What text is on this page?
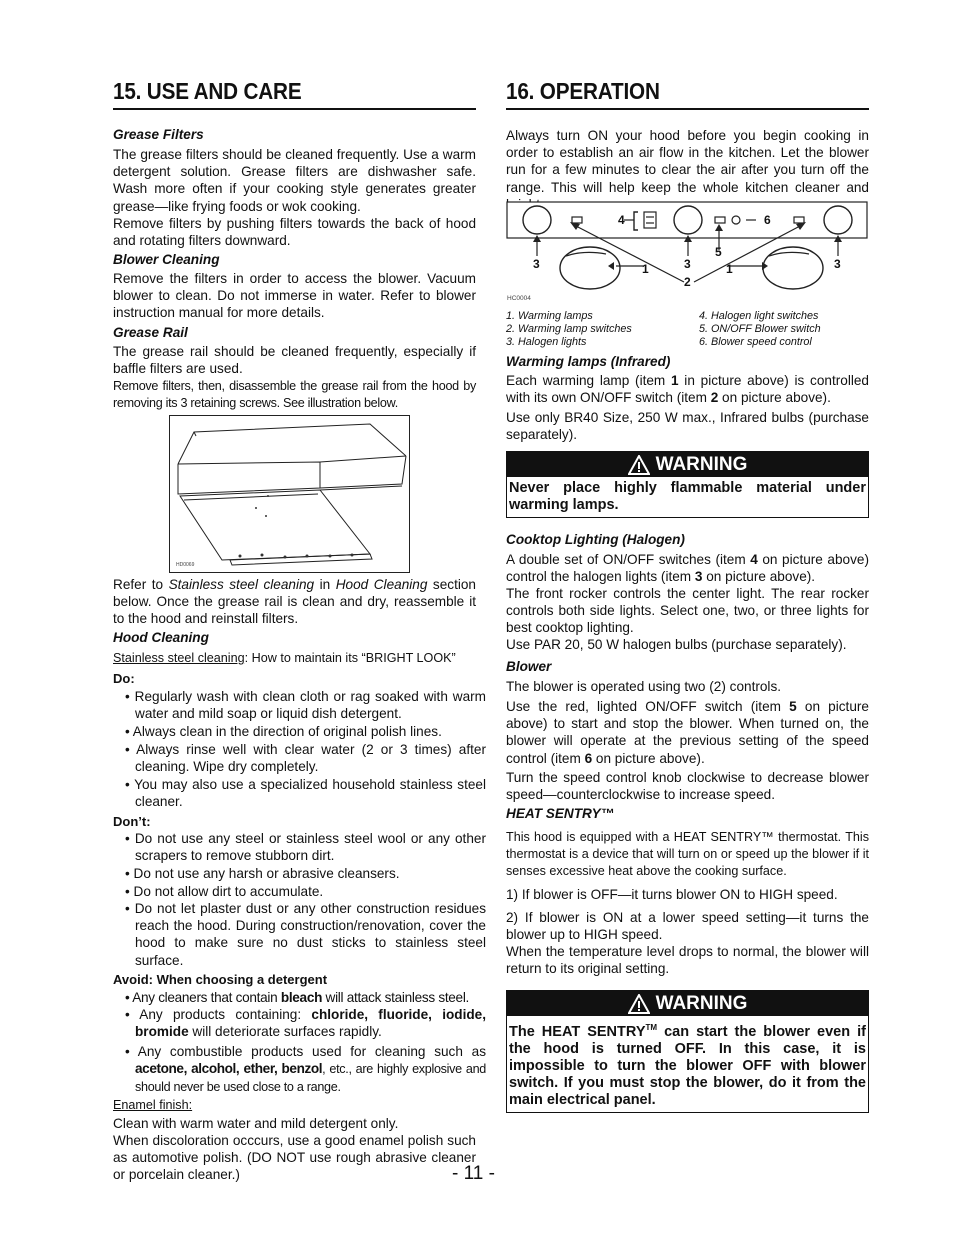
15. USE AND CARE

Grease Filters

The grease filters should be cleaned frequently. Use a warm detergent solution. Grease filters are dishwasher safe. Wash more often if your cooking style generates greater grease—like frying foods or wok cooking.

Remove filters by pushing filters towards the back of hood and rotating filters downward.

Blower Cleaning

Remove the filters in order to access the blower. Vacuum blower to clean. Do not immerse in water. Refer to blower instruction manual for more details.

Grease Rail

The grease rail should be cleaned frequently, especially if baffle filters are used.

Remove filters, then, disassemble the grease rail from the hood by removing its 3 retaining screws. See illustration below.

HD0069

Refer to Stainless steel cleaning in Hood Cleaning section below. Once the grease rail is clean and dry, reassemble it to the hood and reinstall filters.

Hood Cleaning

Stainless steel cleaning: How to maintain its “BRIGHT LOOK”

Do:

• Regularly wash with clean cloth or rag soaked with warm water and mild soap or liquid dish detergent.

• Always clean in the direction of original polish lines.

• Always rinse well with clear water (2 or 3 times) after cleaning. Wipe dry completely.

• You may also use a specialized household stainless steel cleaner.

Don’t:

• Do not use any steel or stainless steel wool or any other scrapers to remove stubborn dirt.

• Do not use any harsh or abrasive cleansers.

• Do not allow dirt to accumulate.

• Do not let plaster dust or any other construction residues reach the hood. During construction/renovation, cover the hood to make sure no dust sticks to stainless steel surface.

Avoid: When choosing a detergent

• Any cleaners that contain bleach will attack stainless steel.

• Any products containing: chloride, fluoride, iodide, bromide will deteriorate surfaces rapidly.

• Any combustible products used for cleaning such as acetone, alcohol, ether, benzol, etc., are highly explosive and should never be used close to a range.

Enamel finish:

Clean with warm water and mild detergent only.

When discoloration occcurs, use a good enamel polish such as automotive polish. (DO NOT use rough abrasive cleaner or porcelain cleaner.)	- 11 -
16. OPERATION

Always turn ON your hood before you begin cooking in order to establish an air flow in the kitchen. Let the blower run for a few minutes to clear the air after you turn off the range. This will help keep the whole kitchen cleaner and

3	1	3
2
5
1	3
4	6
HC0004
1. Warming lamps
2. Warming lamp switches
3. Halogen lights
4. Halogen light switches
5. ON/OFF Blower switch
6. Blower speed control

Warming lamps (Infrared)

Each warming lamp (item 1 in picture above) is controlled with its own ON/OFF switch (item 2 on picture above).

Use only BR40 Size, 250 W max., Infrared bulbs (purchase separately).

WARNING
Never place highly flammable material under warming lamps.

Cooktop Lighting (Halogen)

A double set of ON/OFF switches (item 4 on picture above) control the halogen lights (item 3 on picture above).

The front rocker controls the center light. The rear rocker controls both side lights. Select one, two, or three lights for best cooktop lighting.

Use PAR 20, 50 W halogen bulbs (purchase separately).

Blower

The blower is operated using two (2) controls.

Use the red, lighted ON/OFF switch (item 5 on picture above) to start and stop the blower. When turned on, the blower will operate at the previous setting of the speed control (item 6 on picture above).

Turn the speed control knob clockwise to decrease blower speed—counterclockwise to increase speed.

HEAT SENTRY™

This hood is equipped with a HEAT SENTRY™ thermostat. This thermostat is a device that will turn on or speed up the blower if it senses excessive heat above the cooking surface.

1) If blower is OFF—it turns blower ON to HIGH speed.

2) If blower is ON at a lower speed setting—it turns the blower up to HIGH speed.

When the temperature level drops to normal, the blower will return to its original setting.

WARNING
The HEAT SENTRY™ can start the blower even if the hood is turned OFF. In this case, it is impossible to turn the blower OFF with blower switch. If you must stop the blower, do it from the main electrical panel.
